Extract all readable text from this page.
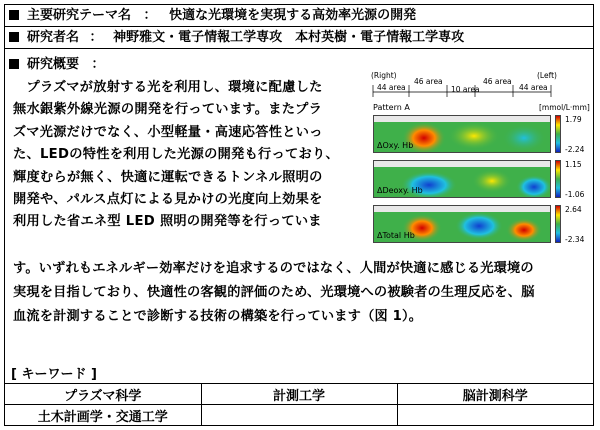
主要研究テーマ名 ： 快適な光環境を実現する高効率光源の開発
研究者名 ： 神野雅文・電子情報工学専攻　本村英樹・電子情報工学専攻
研究概要 ：
　プラズマが放射する光を利用し、環境に配慮した
無水銀紫外線光源の開発を行っています。またプラ
ズマ光源だけでなく、小型軽量・高速応答性といっ
た、LEDの特性を利用した光源の開発も行っており、
輝度むらが無く、快適に運転できるトンネル照明の
開発や、パルス点灯による見かけの光度向上効果を
利用した省エネ型 LED 照明の開発等を行っていま
(Right)	(Left)
44 area
46 area
10 area
46 area
44 area
Pattern A	[mmol/L·mm]
ΔOxy. Hb
1.79
-2.24
ΔDeoxy. Hb
1.15
-1.06
ΔTotal Hb
2.64
-2.34
す。いずれもエネルギー効率だけを追求するのではなく、人間が快適に感じる光環境の
実現を目指しており、快適性の客観的評価のため、光環境への被験者の生理反応を、脳
血流を計測することで診断する技術の構築を行っています（図 1）。
[ キーワード ]
プラズマ科学	計測工学	脳計測科学
土木計画学・交通工学		
